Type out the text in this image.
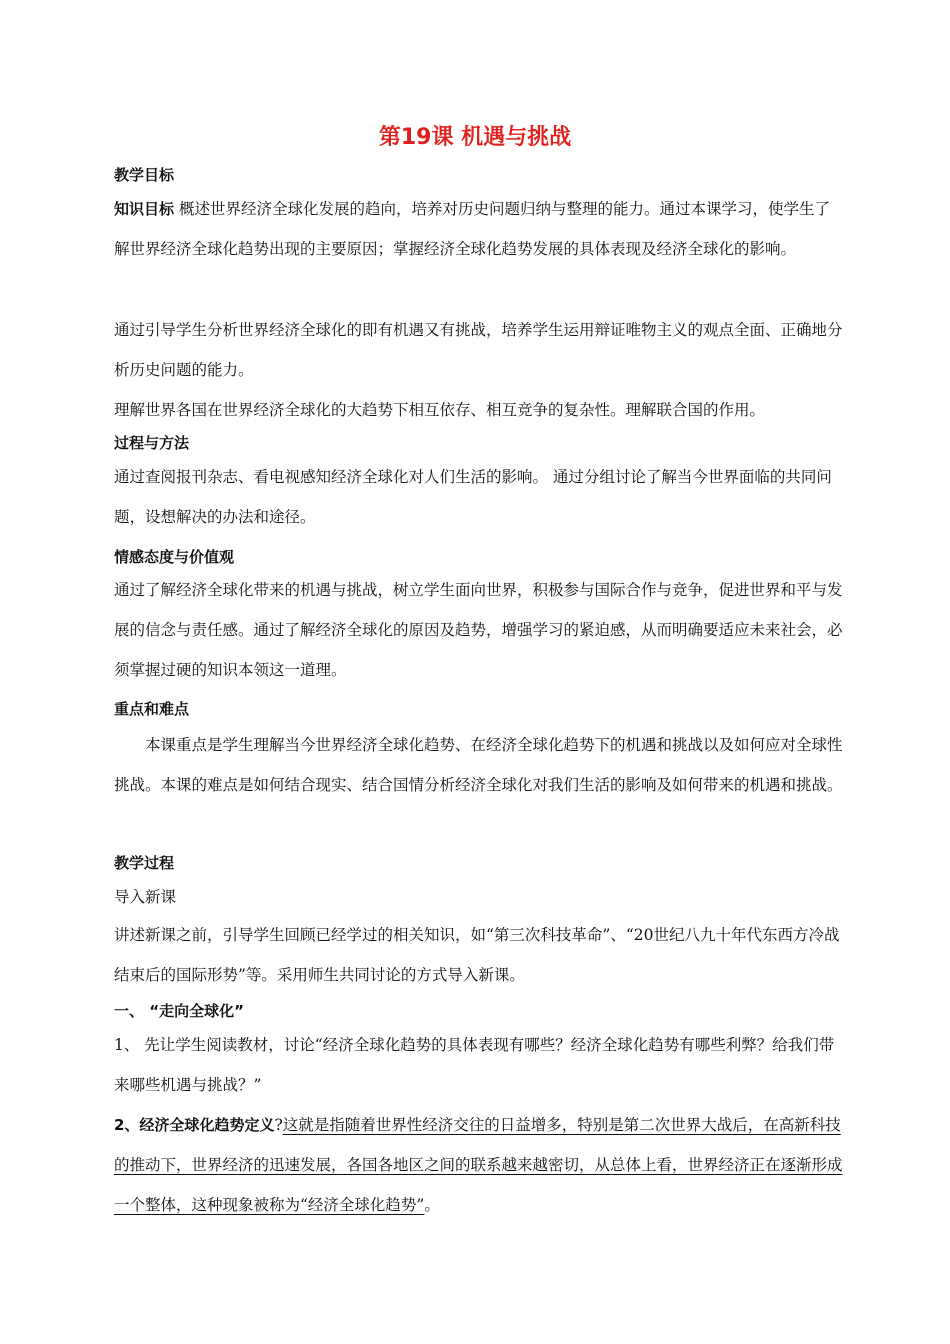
第19课 机遇与挑战
教学目标
知识目标 概述世界经济全球化发展的趋向，培养对历史问题归纳与整理的能力。通过本课学习，使学生了解世界经济全球化趋势出现的主要原因；掌握经济全球化趋势发展的具体表现及经济全球化的影响。
通过引导学生分析世界经济全球化的即有机遇又有挑战，培养学生运用辩证唯物主义的观点全面、正确地分析历史问题的能力。
理解世界各国在世界经济全球化的大趋势下相互依存、相互竞争的复杂性。理解联合国的作用。
过程与方法
通过查阅报刊杂志、看电视感知经济全球化对人们生活的影响。 通过分组讨论了解当今世界面临的共同问题，设想解决的办法和途径。
情感态度与价值观
通过了解经济全球化带来的机遇与挑战，树立学生面向世界，积极参与国际合作与竞争，促进世界和平与发展的信念与责任感。通过了解经济全球化的原因及趋势，增强学习的紧迫感，从而明确要适应未来社会，必须掌握过硬的知识本领这一道理。
重点和难点
本课重点是学生理解当今世界经济全球化趋势、在经济全球化趋势下的机遇和挑战以及如何应对全球性挑战。本课的难点是如何结合现实、结合国情分析经济全球化对我们生活的影响及如何带来的机遇和挑战。
教学过程
导入新课
讲述新课之前，引导学生回顾已经学过的相关知识，如“第三次科技革命”、“20世纪八九十年代东西方冷战结束后的国际形势”等。采用师生共同讨论的方式导入新课。
一、 “走向全球化”
1、 先让学生阅读教材，讨论“经济全球化趋势的具体表现有哪些？经济全球化趋势有哪些利弊？给我们带来哪些机遇与挑战？”
2、经济全球化趋势定义?这就是指随着世界性经济交往的日益增多，特别是第二次世界大战后，在高新科技的推动下，世界经济的迅速发展，各国各地区之间的联系越来越密切，从总体上看，世界经济正在逐渐形成一个整体，这种现象被称为“经济全球化趋势”。
